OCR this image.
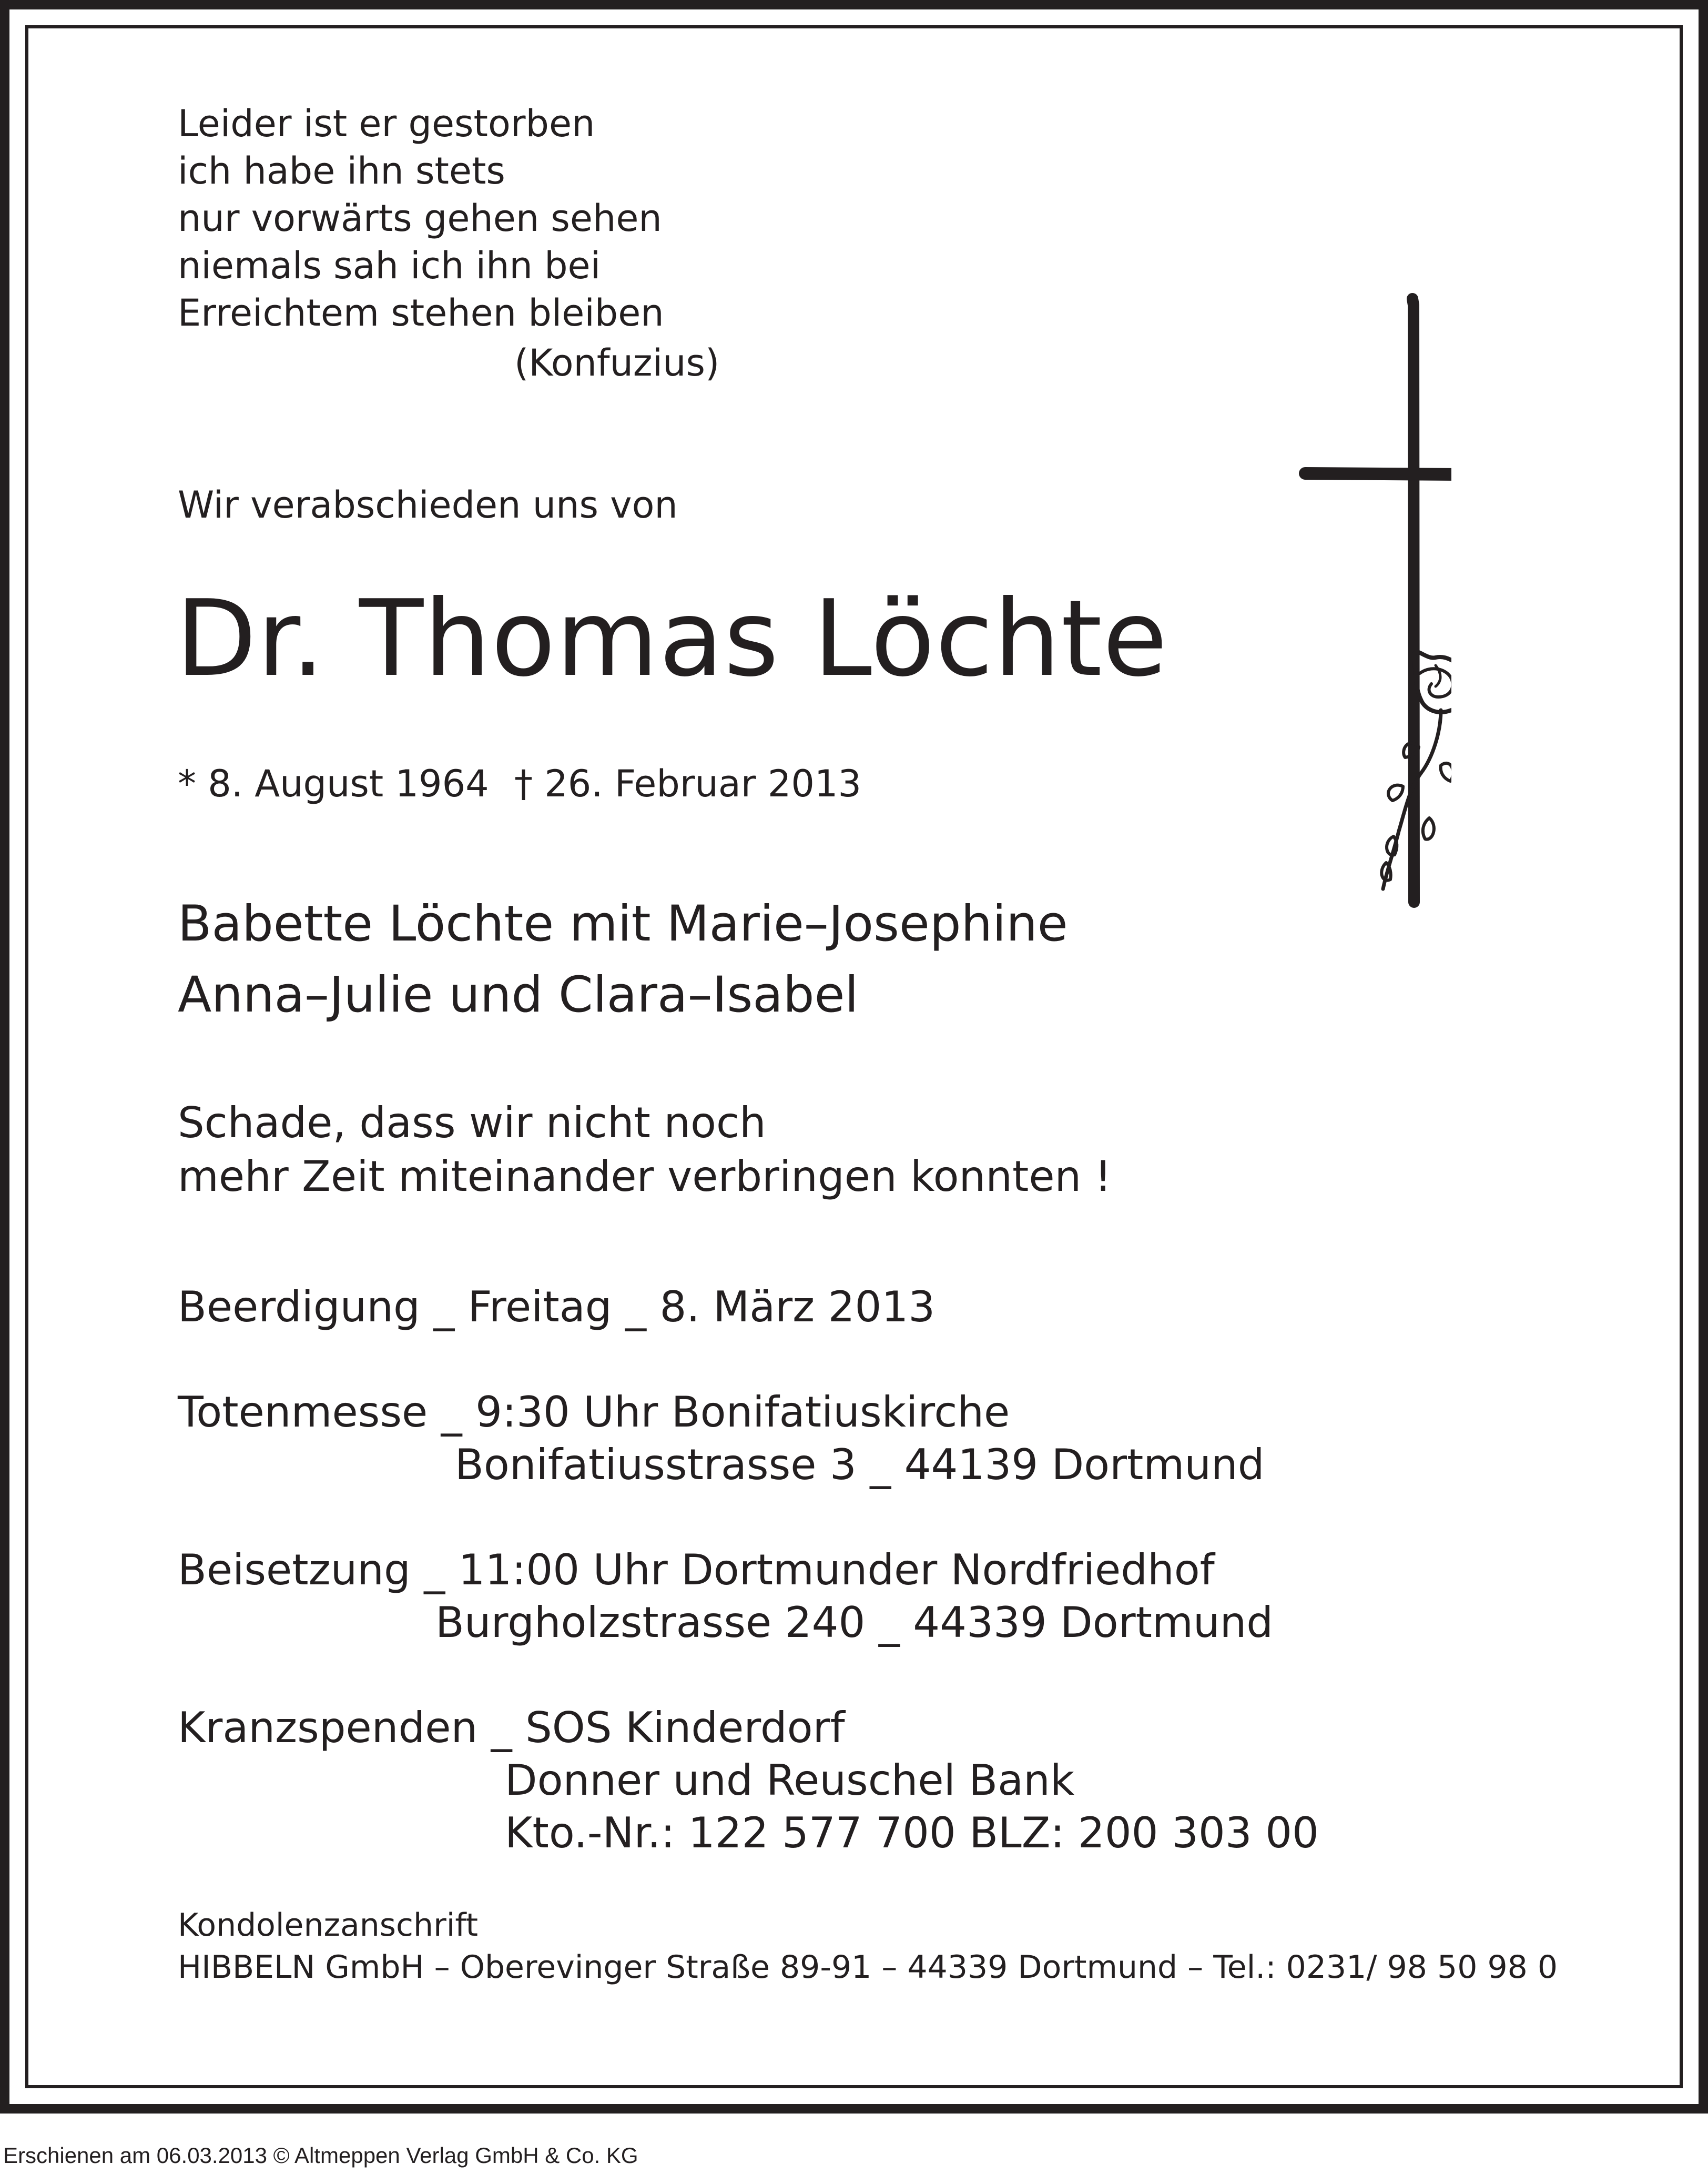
Leider ist er gestorben
ich habe ihn stets
nur vorwärts gehen sehen
niemals sah ich ihn bei
Erreichtem stehen bleiben
(Konfuzius)
Wir verabschieden uns von
Dr. Thomas Löchte
* 8. August 1964 † 26. Februar 2013
Babette Löchte mit Marie–Josephine
Anna–Julie und Clara–Isabel
Schade, dass wir nicht noch
mehr Zeit miteinander verbringen konnten !
Beerdigung _ Freitag _ 8. März 2013
Totenmesse _ 9:30 Uhr Bonifatiuskirche
Bonifatiusstrasse 3 _ 44139 Dortmund
Beisetzung _ 11:00 Uhr Dortmunder Nordfriedhof
Burgholzstrasse 240 _ 44339 Dortmund
Kranzspenden _ SOS Kinderdorf
Donner und Reuschel Bank
Kto.-Nr.: 122 577 700 BLZ: 200 303 00
Kondolenzanschrift
HIBBELN GmbH – Oberevinger Straße 89-91 – 44339 Dortmund – Tel.: 0231/ 98 50 98 0
Erschienen am 06.03.2013 © Altmeppen Verlag GmbH & Co. KG
